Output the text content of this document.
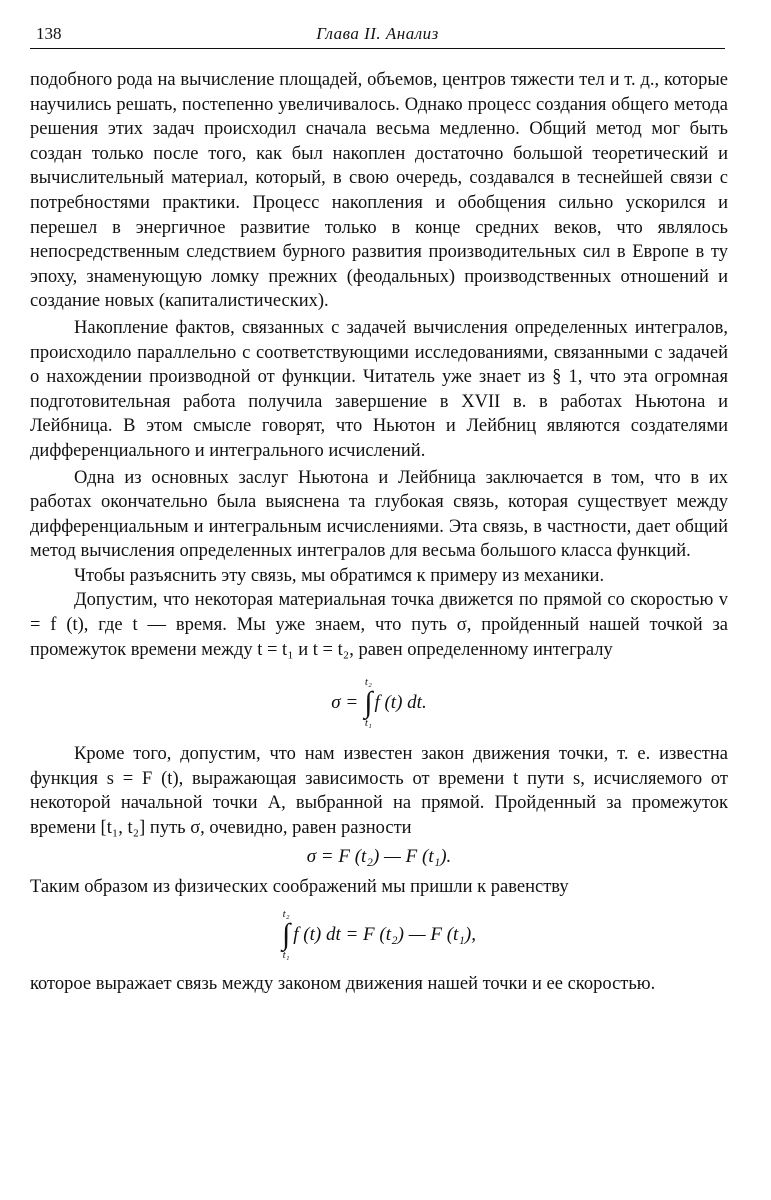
138	Глава II. Анализ

подобного рода на вычисление площадей, объемов, центров тяжести тел и т. д., которые научились решать, постепенно увеличивалось. Однако процесс создания общего метода решения этих задач происходил сначала весьма медленно. Общий метод мог быть создан только после того, как был накоплен достаточно большой теоретический и вычислительный материал, который, в свою очередь, создавался в теснейшей связи с потребностями практики. Процесс накопления и обобщения сильно ускорился и перешел в энергичное развитие только в конце средних веков, что являлось непосредственным следствием бурного развития производительных сил в Европе в ту эпоху, знаменующую ломку прежних (феодальных) производственных отношений и создание новых (капиталистических).

Накопление фактов, связанных с задачей вычисления определенных интегралов, происходило параллельно с соответствующими исследованиями, связанными с задачей о нахождении производной от функции. Читатель уже знает из § 1, что эта огромная подготовительная работа получила завершение в XVII в. в работах Ньютона и Лейбница. В этом смысле говорят, что Ньютон и Лейбниц являются создателями дифференциального и интегрального исчислений.

Одна из основных заслуг Ньютона и Лейбница заключается в том, что в их работах окончательно была выяснена та глубокая связь, которая существует между дифференциальным и интегральным исчислениями. Эта связь, в частности, дает общий метод вычисления определенных интегралов для весьма большого класса функций.

Чтобы разъяснить эту связь, мы обратимся к примеру из механики.

Допустим, что некоторая материальная точка движется по прямой со скоростью v = f (t), где t — время. Мы уже знаем, что путь σ, пройденный нашей точкой за промежуток времени между t = t₁ и t = t₂, равен определенному интегралу

σ =
t₂
∫
t₁
f (t) dt.

Кроме того, допустим, что нам известен закон движения точки, т. е. известна функция s = F (t), выражающая зависимость от времени t пути s, исчисляемого от некоторой начальной точки A, выбранной на прямой. Пройденный за промежуток времени [t₁, t₂] путь σ, очевидно, равен разности

σ = F (t₂) — F (t₁).

Таким образом из физических соображений мы пришли к равенству

t₂
∫
t₁
f (t) dt = F (t₂) — F (t₁),

которое выражает связь между законом движения нашей точки и ее скоростью.
